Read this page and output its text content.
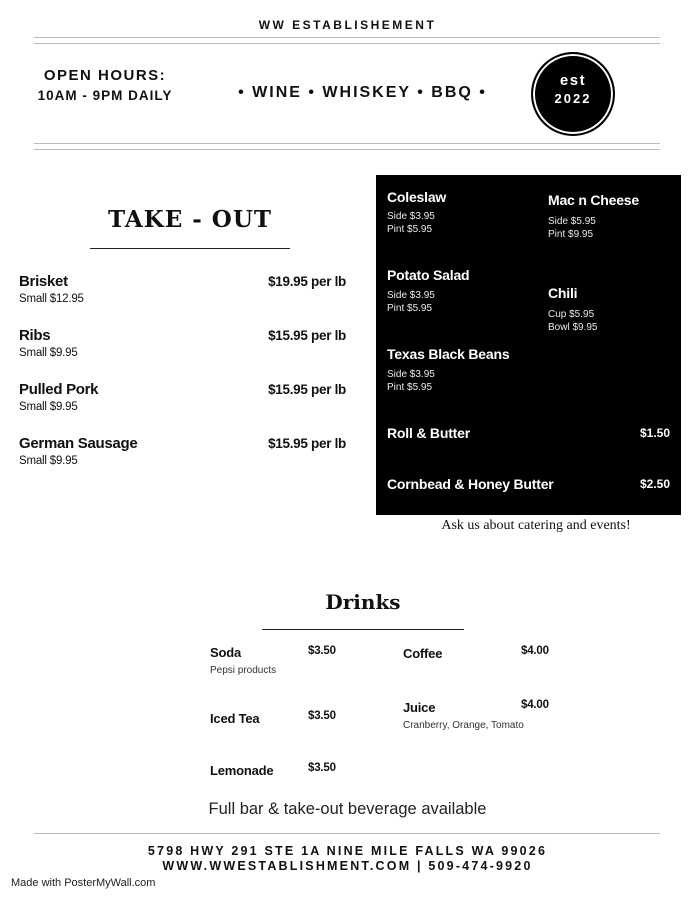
WW ESTABLISHEMENT
OPEN HOURS:
10AM - 9PM DAILY	• WINE • WHISKEY • BBQ •
est
2022
TAKE - OUT
Brisket
Small $12.95
$19.95 per lb
Ribs
Small $9.95
$15.95 per lb
Pulled Pork
Small $9.95
$15.95 per lb
German Sausage
Small $9.95
$15.95 per lb
Coleslaw
Side $3.95
Pint $5.95
Mac n Cheese
Side $5.95
Pint $9.95
Potato Salad
Side $3.95
Pint $5.95
Chili
Cup $5.95
Bowl $9.95
Texas Black Beans
Side $3.95
Pint $5.95
Roll & Butter	$1.50
Cornbead & Honey Butter	$2.50
Ask us about catering and events!
Drinks
Soda	$3.50
Pepsi products
Coffee	$4.00
Juice	$4.00
Cranberry, Orange, Tomato
Iced Tea	$3.50
Lemonade	$3.50
Full bar & take-out beverage available
5798 HWY 291 STE 1A NINE MILE FALLS WA 99026
WWW.WWESTABLISHMENT.COM | 509-474-9920
Made with PosterMyWall.com
